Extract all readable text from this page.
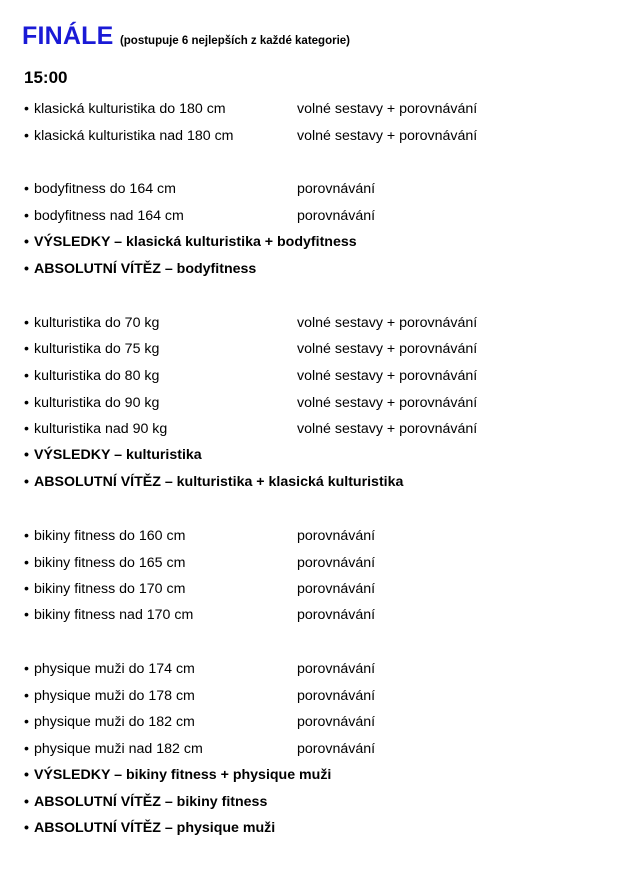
FINÁLE (postupuje 6 nejlepších z každé kategorie)
15:00
• klasická kulturistika do 180 cm	volné sestavy + porovnávání
• klasická kulturistika nad 180 cm	volné sestavy + porovnávání
• bodyfitness do 164 cm	porovnávání
• bodyfitness nad 164 cm	porovnávání
• VÝSLEDKY – klasická kulturistika + bodyfitness
• ABSOLUTNÍ VÍTĚZ – bodyfitness
• kulturistika do 70 kg	volné sestavy + porovnávání
• kulturistika do 75 kg	volné sestavy + porovnávání
• kulturistika do 80 kg	volné sestavy + porovnávání
• kulturistika do 90 kg	volné sestavy + porovnávání
• kulturistika nad 90 kg	volné sestavy + porovnávání
• VÝSLEDKY – kulturistika
• ABSOLUTNÍ VÍTĚZ – kulturistika + klasická kulturistika
• bikiny fitness do 160 cm	porovnávání
• bikiny fitness do 165 cm	porovnávání
• bikiny fitness do 170 cm	porovnávání
• bikiny fitness nad 170 cm	porovnávání
• physique muži do 174 cm	porovnávání
• physique muži do 178 cm	porovnávání
• physique muži do 182 cm	porovnávání
• physique muži nad 182 cm	porovnávání
• VÝSLEDKY – bikiny fitness + physique muži
• ABSOLUTNÍ VÍTĚZ – bikiny fitness
• ABSOLUTNÍ VÍTĚZ – physique muži
